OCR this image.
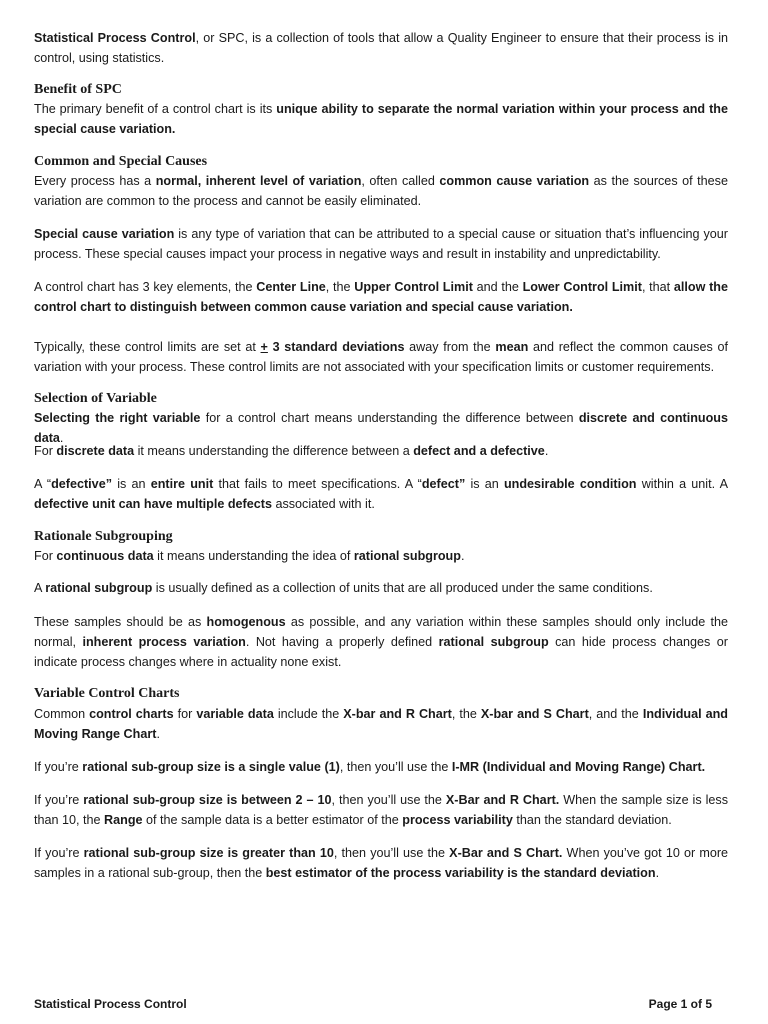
Statistical Process Control, or SPC, is a collection of tools that allow a Quality Engineer to ensure that their process is in control, using statistics.

Benefit of SPC

The primary benefit of a control chart is its unique ability to separate the normal variation within your process and the special cause variation.

Common and Special Causes

Every process has a normal, inherent level of variation, often called common cause variation as the sources of these variation are common to the process and cannot be easily eliminated.

Special cause variation is any type of variation that can be attributed to a special cause or situation that’s influencing your process. These special causes impact your process in negative ways and result in instability and unpredictability.

A control chart has 3 key elements, the Center Line, the Upper Control Limit and the Lower Control Limit, that allow the control chart to distinguish between common cause variation and special cause variation.

Typically, these control limits are set at + 3 standard deviations away from the mean and reflect the common causes of variation with your process. These control limits are not associated with your specification limits or customer requirements.

Selection of Variable

Selecting the right variable for a control chart means understanding the difference between discrete and continuous data.

For discrete data it means understanding the difference between a defect and a defective.

A “defective” is an entire unit that fails to meet specifications. A “defect” is an undesirable condition within a unit. A defective unit can have multiple defects associated with it.

Rationale Subgrouping

For continuous data it means understanding the idea of rational subgroup.

A rational subgroup is usually defined as a collection of units that are all produced under the same conditions.

These samples should be as homogenous as possible, and any variation within these samples should only include the normal, inherent process variation. Not having a properly defined rational subgroup can hide process changes or indicate process changes where in actuality none exist.

Variable Control Charts

Common control charts for variable data include the X-bar and R Chart, the X-bar and S Chart, and the Individual and Moving Range Chart.

If you’re rational sub-group size is a single value (1), then you’ll use the I-MR (Individual and Moving Range) Chart.

If you’re rational sub-group size is between 2 – 10, then you’ll use the X-Bar and R Chart. When the sample size is less than 10, the Range of the sample data is a better estimator of the process variability than the standard deviation.

If you’re rational sub-group size is greater than 10, then you’ll use the X-Bar and S Chart. When you’ve got 10 or more samples in a rational sub-group, then the best estimator of the process variability is the standard deviation.

Statistical Process Control	Page 1 of 5
